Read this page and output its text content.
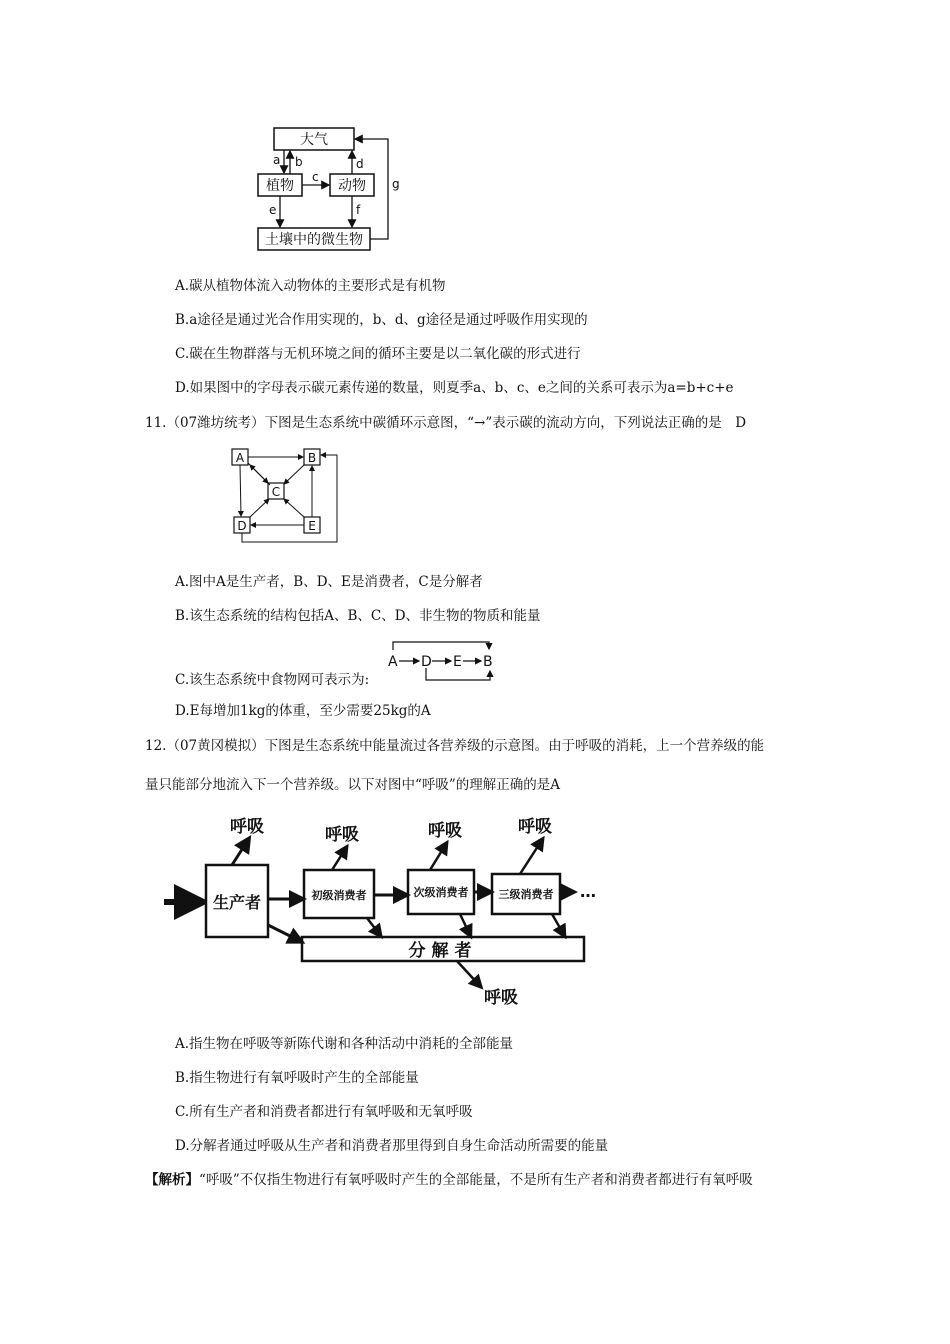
大气
植物	动物
土壤中的微生物
a b
c
d
e	f
g
A.碳从植物体流入动物体的主要形式是有机物
B.a途径是通过光合作用实现的，b、d、g途径是通过呼吸作用实现的
C.碳在生物群落与无机环境之间的循环主要是以二氧化碳的形式进行
D.如果图中的字母表示碳元素传递的数量，则夏季a、b、c、e之间的关系可表示为a=b+c+e
11.（07潍坊统考）下图是生态系统中碳循环示意图，“→”表示碳的流动方向，下列说法正确的是　D
A	B
C
D	E
A.图中A是生产者，B、D、E是消费者，C是分解者
B.该生态系统的结构包括A、B、C、D、非生物的物质和能量
C.该生态系统中食物网可表示为:
A D E B
D.E每增加1kg的体重，至少需要25kg的A
12.（07黄冈模拟）下图是生态系统中能量流过各营养级的示意图。由于呼吸的消耗，上一个营养级的能
量只能部分地流入下一个营养级。以下对图中“呼吸”的理解正确的是A
呼吸	呼吸	呼吸	呼吸
呼吸
生产者	初级消费者	次级消费者	三级消费者
分解者
…
A.指生物在呼吸等新陈代谢和各种活动中消耗的全部能量
B.指生物进行有氧呼吸时产生的全部能量
C.所有生产者和消费者都进行有氧呼吸和无氧呼吸
D.分解者通过呼吸从生产者和消费者那里得到自身生命活动所需要的能量
【解析】“呼吸”不仅指生物进行有氧呼吸时产生的全部能量，不是所有生产者和消费者都进行有氧呼吸
